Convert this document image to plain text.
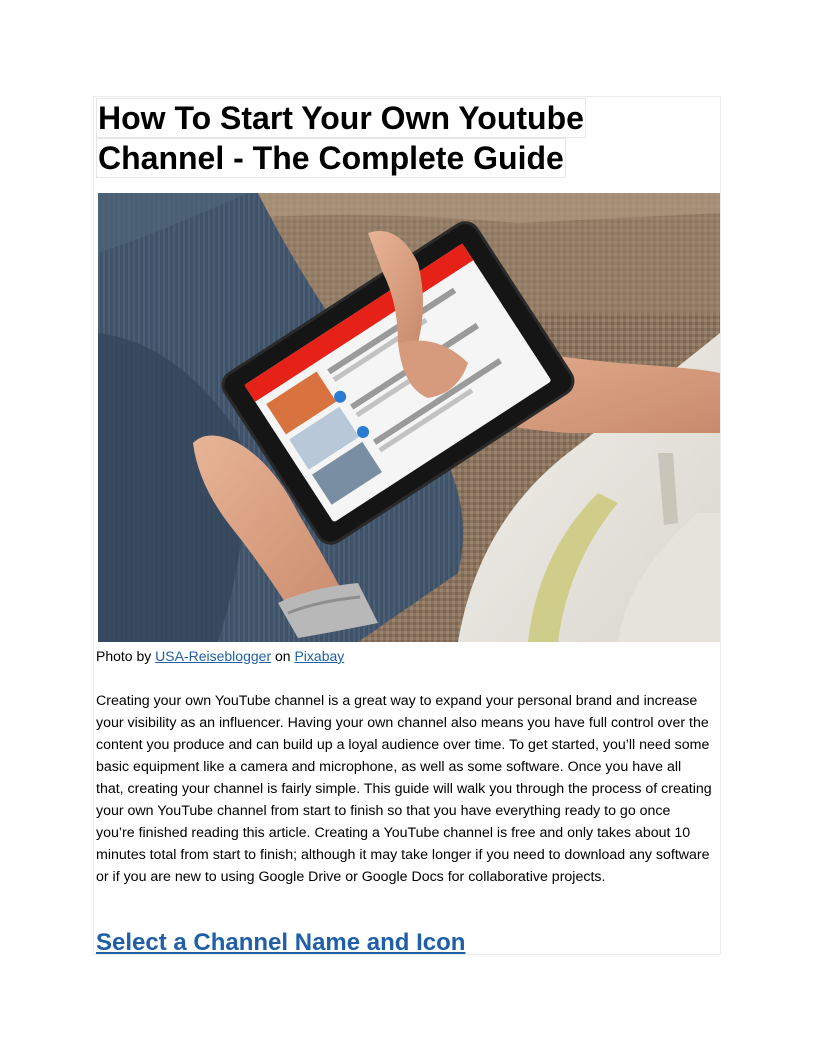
How To Start Your Own Youtube
Channel - The Complete Guide

Photo by USA-Reiseblogger on Pixabay

Creating your own YouTube channel is a great way to expand your personal brand and increase your visibility as an influencer. Having your own channel also means you have full control over the content you produce and can build up a loyal audience over time. To get started, you’ll need some basic equipment like a camera and microphone, as well as some software. Once you have all that, creating your channel is fairly simple. This guide will walk you through the process of creating your own YouTube channel from start to finish so that you have everything ready to go once you’re finished reading this article. Creating a YouTube channel is free and only takes about 10 minutes total from start to finish; although it may take longer if you need to download any software or if you are new to using Google Drive or Google Docs for collaborative projects.

Select a Channel Name and Icon
